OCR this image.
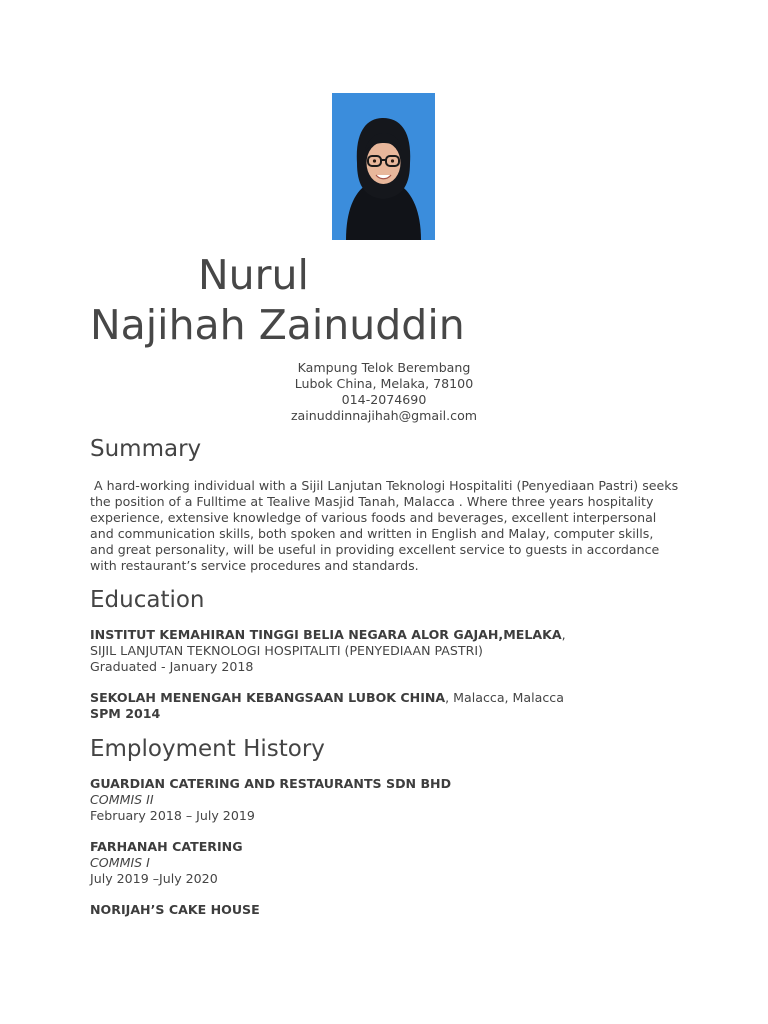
Nurul
Najihah Zainuddin
Kampung Telok Berembang
Lubok China, Melaka, 78100
014-2074690
zainuddinnajihah@gmail.com
Summary
A hard-working individual with a Sijil Lanjutan Teknologi Hospitaliti (Penyediaan Pastri) seeks the position of a Fulltime at Tealive Masjid Tanah, Malacca . Where three years hospitality experience, extensive knowledge of various foods and beverages, excellent interpersonal and communication skills, both spoken and written in English and Malay, computer skills, and great personality, will be useful in providing excellent service to guests in accordance with restaurant’s service procedures and standards.
Education
INSTITUT KEMAHIRAN TINGGI BELIA NEGARA ALOR GAJAH,MELAKA,
SIJIL LANJUTAN TEKNOLOGI HOSPITALITI (PENYEDIAAN PASTRI)
Graduated - January 2018
SEKOLAH MENENGAH KEBANGSAAN LUBOK CHINA, Malacca, Malacca
SPM 2014
Employment History
GUARDIAN CATERING AND RESTAURANTS SDN BHD
COMMIS II
February 2018 – July 2019
FARHANAH CATERING
COMMIS I
July 2019 –July 2020
NORIJAH’S CAKE HOUSE
